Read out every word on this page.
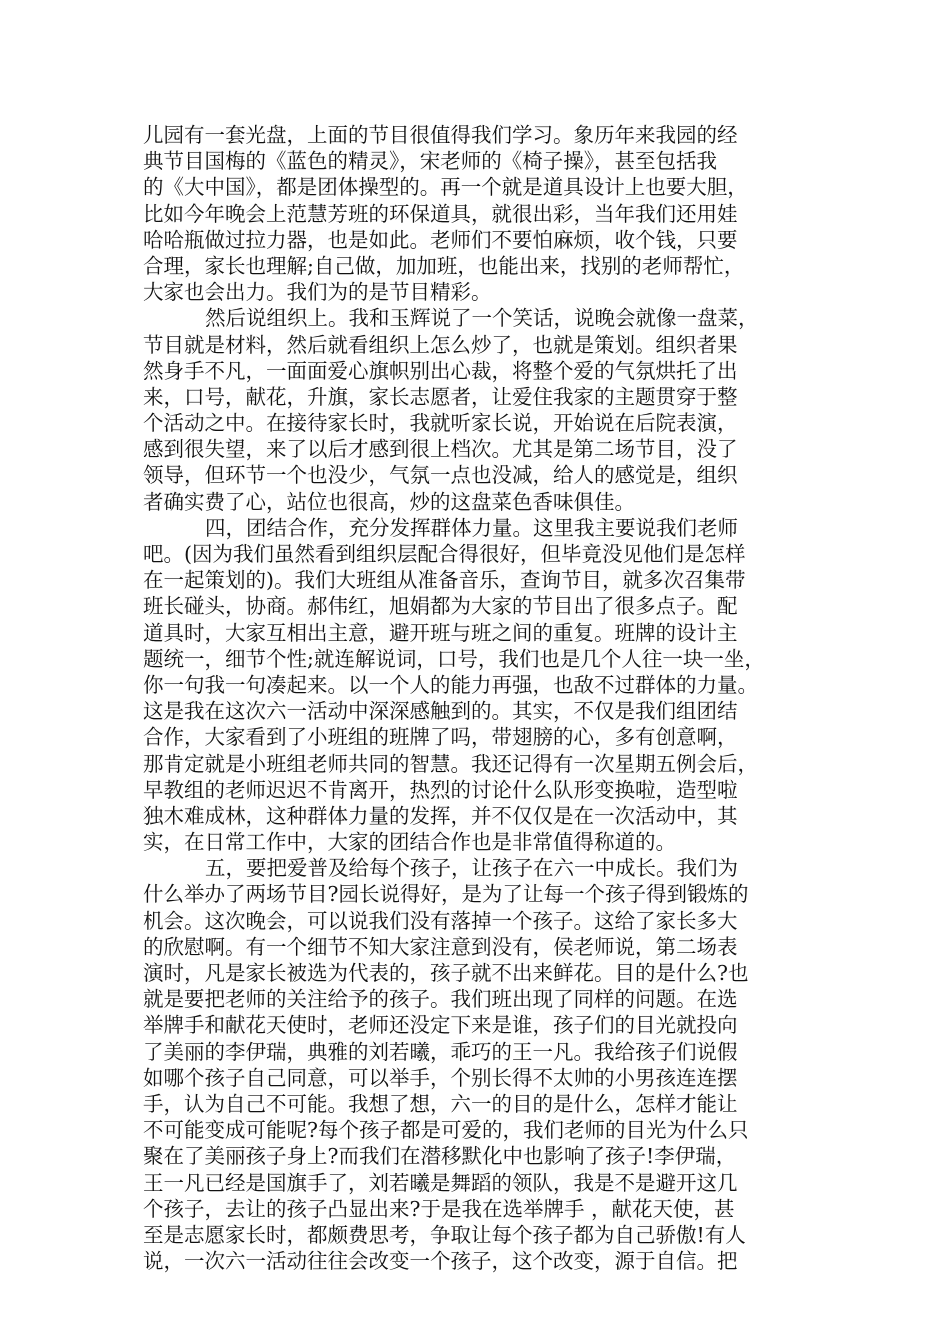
儿园有一套光盘，上面的节目很值得我们学习。象历年来我园的经
典节目国梅的《蓝色的精灵》，宋老师的《椅子操》，甚至包括我
的《大中国》，都是团体操型的。再一个就是道具设计上也要大胆，
比如今年晚会上范慧芳班的环保道具，就很出彩，当年我们还用娃
哈哈瓶做过拉力器，也是如此。老师们不要怕麻烦，收个钱，只要
合理，家长也理解;自己做，加加班，也能出来，找别的老师帮忙，
大家也会出力。我们为的是节目精彩。
然后说组织上。我和玉辉说了一个笑话，说晚会就像一盘菜，
节目就是材料，然后就看组织上怎么炒了，也就是策划。组织者果
然身手不凡，一面面爱心旗帜别出心裁，将整个爱的气氛烘托了出
来，口号，献花，升旗，家长志愿者，让爱住我家的主题贯穿于整
个活动之中。在接待家长时，我就听家长说，开始说在后院表演，
感到很失望，来了以后才感到很上档次。尤其是第二场节目，没了
领导，但环节一个也没少，气氛一点也没减，给人的感觉是，组织
者确实费了心，站位也很高，炒的这盘菜色香味俱佳。
四，团结合作，充分发挥群体力量。这里我主要说我们老师
吧。(因为我们虽然看到组织层配合得很好，但毕竟没见他们是怎样
在一起策划的)。我们大班组从准备音乐，查询节目，就多次召集带
班长碰头，协商。郝伟红，旭娟都为大家的节目出了很多点子。配
道具时，大家互相出主意，避开班与班之间的重复。班牌的设计主
题统一，细节个性;就连解说词，口号，我们也是几个人往一块一坐，
你一句我一句凑起来。以一个人的能力再强，也敌不过群体的力量。
这是我在这次六一活动中深深感触到的。其实，不仅是我们组团结
合作，大家看到了小班组的班牌了吗，带翅膀的心，多有创意啊，
那肯定就是小班组老师共同的智慧。我还记得有一次星期五例会后，
早教组的老师迟迟不肯离开，热烈的讨论什么队形变换啦，造型啦
独木难成林，这种群体力量的发挥，并不仅仅是在一次活动中，其
实，在日常工作中，大家的团结合作也是非常值得称道的。
五，要把爱普及给每个孩子，让孩子在六一中成长。我们为
什么举办了两场节目?园长说得好，是为了让每一个孩子得到锻炼的
机会。这次晚会，可以说我们没有落掉一个孩子。这给了家长多大
的欣慰啊。有一个细节不知大家注意到没有，侯老师说，第二场表
演时，凡是家长被选为代表的，孩子就不出来鲜花。目的是什么?也
就是要把老师的关注给予的孩子。我们班出现了同样的问题。在选
举牌手和献花天使时，老师还没定下来是谁，孩子们的目光就投向
了美丽的李伊瑞，典雅的刘若曦，乖巧的王一凡。我给孩子们说假
如哪个孩子自己同意，可以举手，个别长得不太帅的小男孩连连摆
手，认为自己不可能。我想了想，六一的目的是什么，怎样才能让
不可能变成可能呢?每个孩子都是可爱的，我们老师的目光为什么只
聚在了美丽孩子身上?而我们在潜移默化中也影响了孩子!李伊瑞，
王一凡已经是国旗手了，刘若曦是舞蹈的领队，我是不是避开这几
个孩子，去让的孩子凸显出来?于是我在选举牌手 ，献花天使，甚
至是志愿家长时，都颇费思考，争取让每个孩子都为自己骄傲!有人
说，一次六一活动往往会改变一个孩子，这个改变，源于自信。把
